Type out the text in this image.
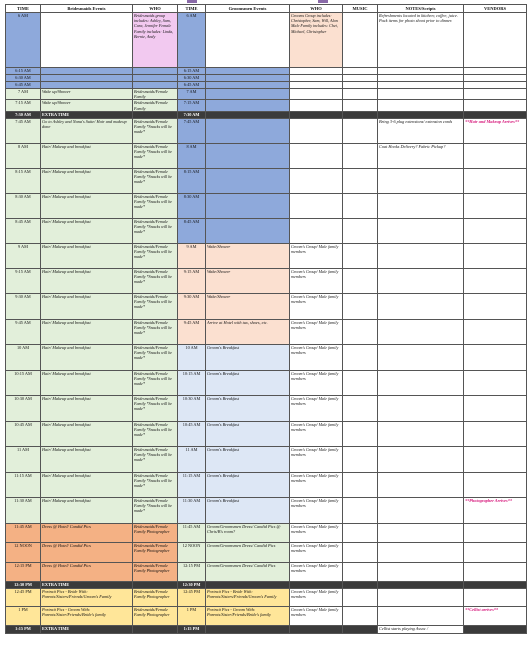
TIME	Bridesmaids Events	WHO	TIME	Groomsmen Events	WHO	MUSIC	NOTES/Scripts	VENDORS
6 AM		Bridesmaids group includes: Ashley, Sam, Cara, Jennifer Female Family includes: Linda, Bernie, Andy	6 AM		Grooms Group includes: Christopher, Sam, Will, Alan Male Family includes: Chet, Michael, Christopher		Refreshments located in kitchen; coffee, juice. Pack items for photo shoot prior to dinner.	
6:15 AM			6:15 AM					
6:30 AM			6:30 AM					
6:45 AM			6:45 AM					
7 AM	Wake up/Shower	Bridesmaids/Female Family	7 AM					
7:15 AM	Wake up/Shower	Bridesmaids/Female Family	7:15 AM					
7:30 AM	EXTRA TIME		7:30 AM					
7:45 AM	Go to Ashley and Nana's Suite/ Hair and makeup done	Bridesmaids/Female Family *Snacks will be made*	7:45 AM				Bring 3-6 plug extensions/ extension cords	**Hair and Makeup Arrives**
8 AM	Hair/ Makeup and breakfast	Bridesmaids/Female Family *Snacks will be made*	8 AM				Coat Hooks Delivery? Fabric Pickup?	
8:15 AM	Hair/ Makeup and breakfast	Bridesmaids/Female Family *Snacks will be made*	8:15 AM					
8:30 AM	Hair/ Makeup and breakfast	Bridesmaids/Female Family *Snacks will be made*	8:30 AM					
8:45 AM	Hair/ Makeup and breakfast	Bridesmaids/Female Family *Snacks will be made*	8:45 AM					
9 AM	Hair/ Makeup and breakfast	Bridesmaids/Female Family *Snacks will be made*	9 AM	Wake/Shower	Groom's Group/ Male family members			
9:15 AM	Hair/ Makeup and breakfast	Bridesmaids/Female Family *Snacks will be made*	9:15 AM	Wake/Shower	Groom's Group/ Male family members			
9:30 AM	Hair/ Makeup and breakfast	Bridesmaids/Female Family *Snacks will be made*	9:30 AM	Wake/Shower	Groom's Group/ Male family members			
9:45 AM	Hair/ Makeup and breakfast	Bridesmaids/Female Family *Snacks will be made*	9:45 AM	Arrive at Hotel with tux, shoes, etc.	Groom's Group/ Male family members			
10 AM	Hair/ Makeup and breakfast	Bridesmaids/Female Family *Snacks will be made*	10 AM	Groom's Breakfast	Groom's Group/ Male family members			
10:15 AM	Hair/ Makeup and breakfast	Bridesmaids/Female Family *Snacks will be made*	10:15 AM	Groom's Breakfast	Groom's Group/ Male family members			
10:30 AM	Hair/ Makeup and breakfast	Bridesmaids/Female Family *Snacks will be made*	10:30 AM	Groom's Breakfast	Groom's Group/ Male family members			
10:45 AM	Hair/ Makeup and breakfast	Bridesmaids/Female Family *Snacks will be made*	10:45 AM	Groom's Breakfast	Groom's Group/ Male family members			
11 AM	Hair/ Makeup and breakfast	Bridesmaids/Female Family *Snacks will be made*	11 AM	Groom's Breakfast	Groom's Group/ Male family members			
11:15 AM	Hair/ Makeup and breakfast	Bridesmaids/Female Family *Snacks will be made*	11:15 AM	Groom's Breakfast	Groom's Group/ Male family members			
11:30 AM	Hair/ Makeup and breakfast	Bridesmaids/Female Family *Snacks will be made*	11:30 AM	Groom's Breakfast	Groom's Group/ Male family members			**Photographer Arrives**
11:45 AM	Dress @ Hotel/ Candid Pics	Bridesmaids/Female Family Photographer	11:45 AM	Groom/Groomsmen Dress/ Candid Pics @ Chris/B's room?	Groom's Group/ Male family members			
12 NOON	Dress @ Hotel/ Candid Pics	Bridesmaids/Female Family Photographer	12 NOON	Groom/Groomsmen Dress/ Candid Pics	Groom's Group/ Male family members			
12:15 PM	Dress @ Hotel/ Candid Pics	Bridesmaids/Female Family Photographer	12:15 PM	Groom/Groomsmen Dress/ Candid Pics	Groom's Group/ Male family members			
12:30 PM	EXTRA TIME		12:30 PM					
12:45 PM	Portrait Pics - Bride With: Parents/Sisters/Friends/Groom's Family	Bridesmaids/Female Family Photographer	12:45 PM	Portrait Pics - Bride With: Parents/Sisters/Friends/Groom's Family	Groom's Group/ Male family members			
1 PM	Portrait Pics - Groom With: Parents/Sister/Friends/Bride's family	Bridesmaids/Female Family Photographer	1 PM	Portrait Pics - Groom With: Parents/Sister/Friends/Bride's family	Groom's Group/ Male family members			**Cellist arrives**
1:15 PM	EXTRA TIME		1:15 PM				Cellist starts playing Assoc /	
